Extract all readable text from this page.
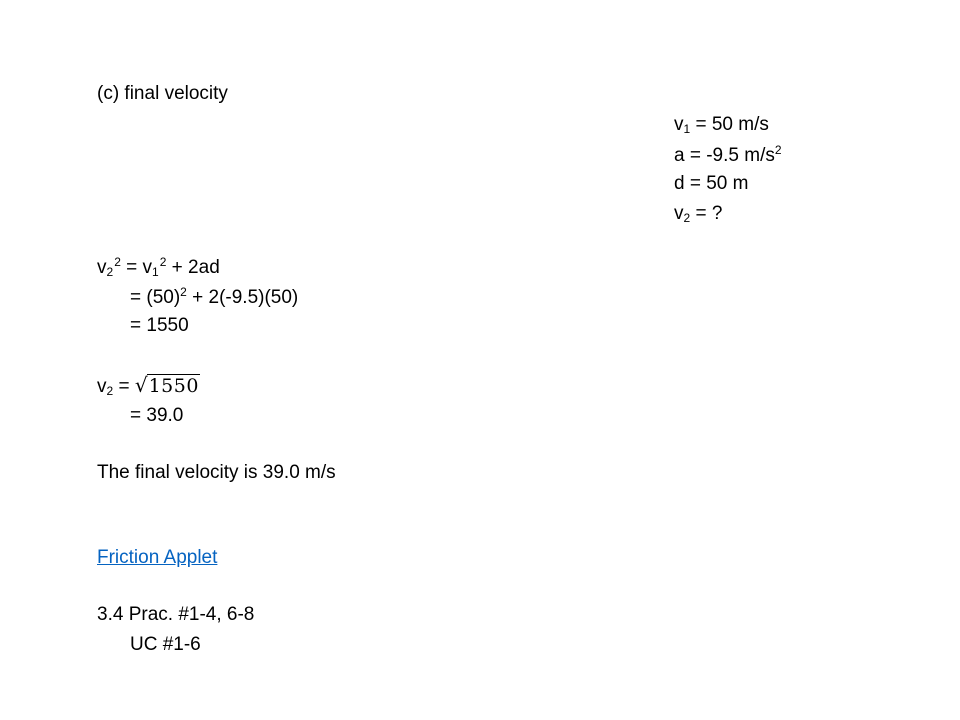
(c) final velocity
$v_1 = 50$ m/s
a = -9.5 $m/s^2$
d = 50 m
$v_2$ = ?
$v_2^2 = v_1^2 + 2ad$
= $(50)^2 + 2(-9.5)(50)$
= 1550
$v_2 = √1550$
= 39.0
The final velocity is 39.0 m/s
Friction Applet
3.4 Prac. #1-4, 6-8
UC #1-6
